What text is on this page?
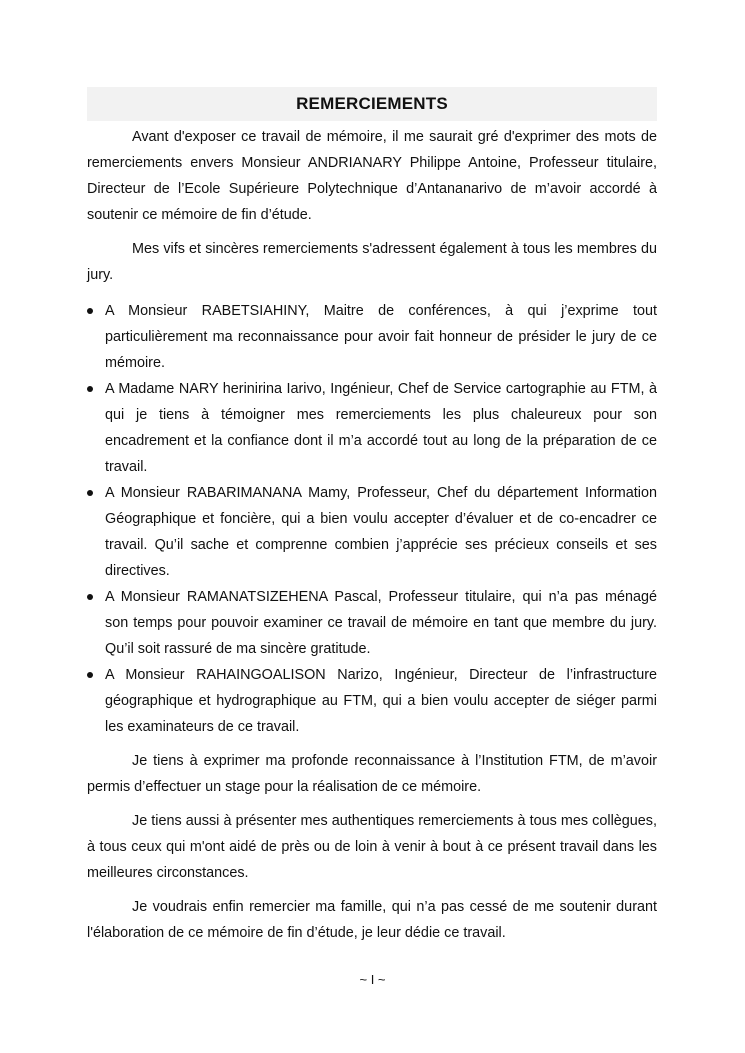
REMERCIEMENTS

Avant d'exposer ce travail de mémoire, il me saurait gré d'exprimer des mots de remerciements envers Monsieur ANDRIANARY Philippe Antoine, Professeur titulaire, Directeur de l’Ecole Supérieure Polytechnique d’Antananarivo de m’avoir accordé à soutenir ce mémoire de fin d’étude.

Mes vifs et sincères remerciements s'adressent également à tous les membres du jury.

A Monsieur RABETSIAHINY, Maitre de conférences, à qui j’exprime tout particulièrement ma reconnaissance pour avoir fait honneur de présider le jury de ce mémoire.
A Madame NARY herinirina Iarivo, Ingénieur, Chef de Service cartographie au FTM, à qui je tiens à témoigner mes remerciements les plus chaleureux pour son encadrement et la confiance dont il m’a accordé tout au long de la préparation de ce travail.
A Monsieur RABARIMANANA Mamy, Professeur, Chef du département Information Géographique et foncière, qui a bien voulu accepter d’évaluer et de co-encadrer ce travail. Qu’il sache et comprenne combien j’apprécie ses précieux conseils et ses directives.
A Monsieur RAMANATSIZEHENA Pascal, Professeur titulaire, qui n’a pas ménagé son temps pour pouvoir examiner ce travail de mémoire en tant que membre du jury. Qu’il soit rassuré de ma sincère gratitude.
A Monsieur RAHAINGOALISON Narizo, Ingénieur, Directeur de l’infrastructure géographique et hydrographique au FTM, qui a bien voulu accepter de siéger parmi les examinateurs de ce travail.

Je tiens à exprimer ma profonde reconnaissance à l’Institution FTM, de m’avoir permis d’effectuer un stage pour la réalisation de ce mémoire.

Je tiens aussi à présenter mes authentiques remerciements à tous mes collègues, à tous ceux qui m'ont aidé de près ou de loin à venir à bout à ce présent travail dans les meilleures circonstances.

Je voudrais enfin remercier ma famille, qui n’a pas cessé de me soutenir durant l'élaboration de ce mémoire de fin d’étude, je leur dédie ce travail.

~ I ~
